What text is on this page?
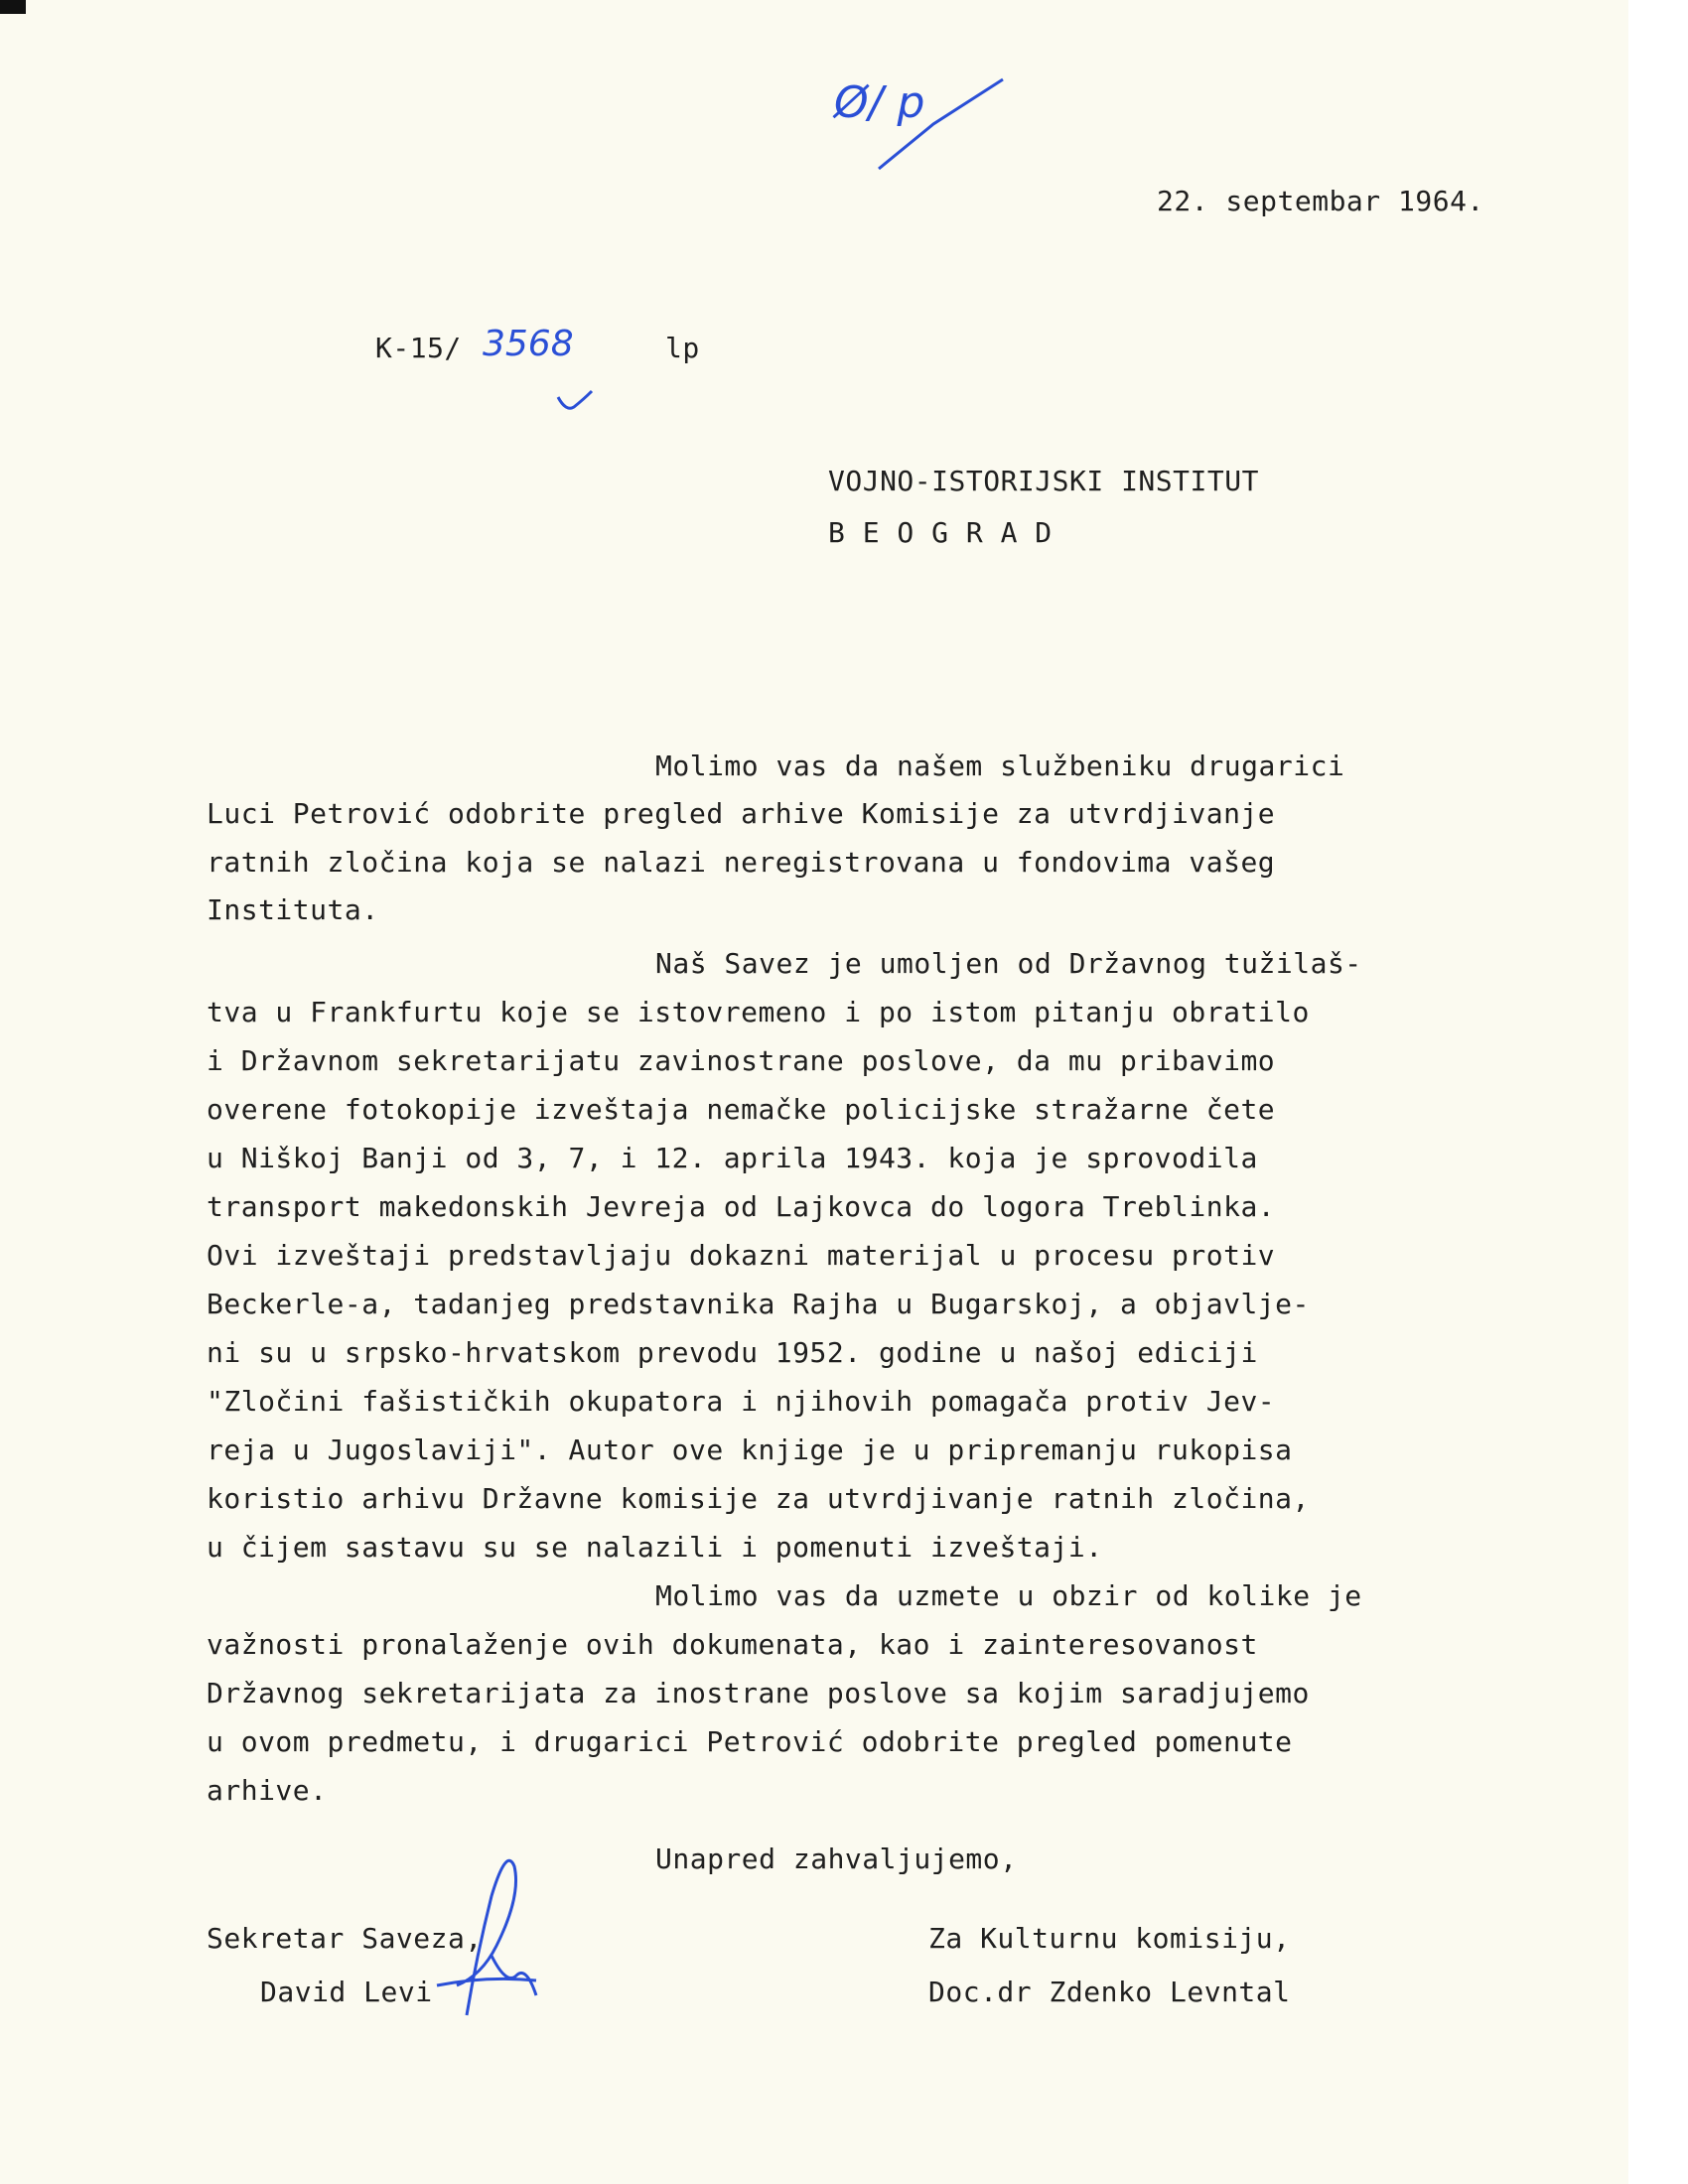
Ø/ p

22. septembar 1964.

K-15/ 3568	lp

VOJNO-ISTORIJSKI INSTITUT

B E O G R A D

Molimo vas da našem službeniku drugarici

Luci Petrović odobrite pregled arhive Komisije za utvrdjivanje

ratnih zločina koja se nalazi neregistrovana u fondovima vašeg

Instituta.

Naš Savez je umoljen od Državnog tužilaš-

tva u Frankfurtu koje se istovremeno i po istom pitanju obratilo

i Državnom sekretarijatu zavinostrane poslove, da mu pribavimo

overene fotokopije izveštaja nemačke policijske stražarne čete

u Niškoj Banji od 3, 7, i 12. aprila 1943. koja je sprovodila

transport makedonskih Jevreja od Lajkovca do logora Treblinka.

Ovi izveštaji predstavljaju dokazni materijal u procesu protiv

Beckerle-a, tadanjeg predstavnika Rajha u Bugarskoj, a objavlje-

ni su u srpsko-hrvatskom prevodu 1952. godine u našoj ediciji

"Zločini fašističkih okupatora i njihovih pomagača protiv Jev-

reja u Jugoslaviji". Autor ove knjige je u pripremanju rukopisa

koristio arhivu Državne komisije za utvrdjivanje ratnih zločina,

u čijem sastavu su se nalazili i pomenuti izveštaji.

Molimo vas da uzmete u obzir od kolike je

važnosti pronalaženje ovih dokumenata, kao i zainteresovanost

Državnog sekretarijata za inostrane poslove sa kojim saradjujemo

u ovom predmetu, i drugarici Petrović odobrite pregled pomenute

arhive.

Unapred zahvaljujemo,

Sekretar Saveza,

David Levi

Za Kulturnu komisiju,

Doc.dr Zdenko Levntal
